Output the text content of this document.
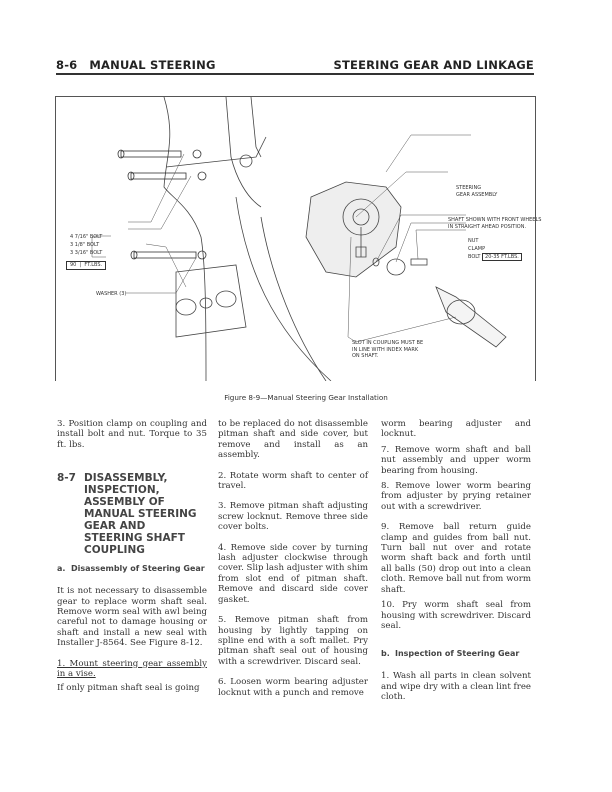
8-6 MANUAL STEERING	STEERING GEAR AND LINKAGE
STEERING
GEAR ASSEMBLY
SHAFT SHOWN WITH FRONT WHEELS
IN STRAIGHT AHEAD POSITION.
NUT
CLAMP
BOLT 20-35 FT.LBS.
4 7/16" BOLT
3 1/8" BOLT
3 3/16" BOLT
90  |  FT.LBS.
WASHER (3)
SLOT IN COUPLING MUST BE
IN LINE WITH INDEX MARK
ON SHAFT.
Figure 8-9—Manual Steering Gear Installation

3. Position clamp on coupling and install bolt and nut. Torque to 35 ft. lbs.

8-7 DISASSEMBLY, INSPECTION, ASSEMBLY OF MANUAL STEERING GEAR AND STEERING SHAFT COUPLING
a. Disassembly of Steering Gear

It is not necessary to disassemble gear to replace worm shaft seal. Remove worm seal with awl being careful not to damage housing or shaft and install a new seal with Installer J-8564. See Figure 8-12.

1. Mount steering gear assembly in a vise.

If only pitman shaft seal is going

to be replaced do not disassemble pitman shaft and side cover, but remove and install as an assembly.

2. Rotate worm shaft to center of travel.

3. Remove pitman shaft adjusting screw locknut. Remove three side cover bolts.

4. Remove side cover by turning lash adjuster clockwise through cover. Slip lash adjuster with shim from slot end of pitman shaft. Remove and discard side cover gasket.

5. Remove pitman shaft from housing by lightly tapping on spline end with a soft mallet. Pry pitman shaft seal out of housing with a screwdriver. Discard seal.

6. Loosen worm bearing adjuster locknut with a punch and remove

worm bearing adjuster and locknut.

7. Remove worm shaft and ball nut assembly and upper worm bearing from housing.

8. Remove lower worm bearing from adjuster by prying retainer out with a screwdriver.

9. Remove ball return guide clamp and guides from ball nut. Turn ball nut over and rotate worm shaft back and forth until all balls (50) drop out into a clean cloth. Remove ball nut from worm shaft.

10. Pry worm shaft seal from housing with screwdriver. Discard seal.

b. Inspection of Steering Gear

1. Wash all parts in clean solvent and wipe dry with a clean lint free cloth.
